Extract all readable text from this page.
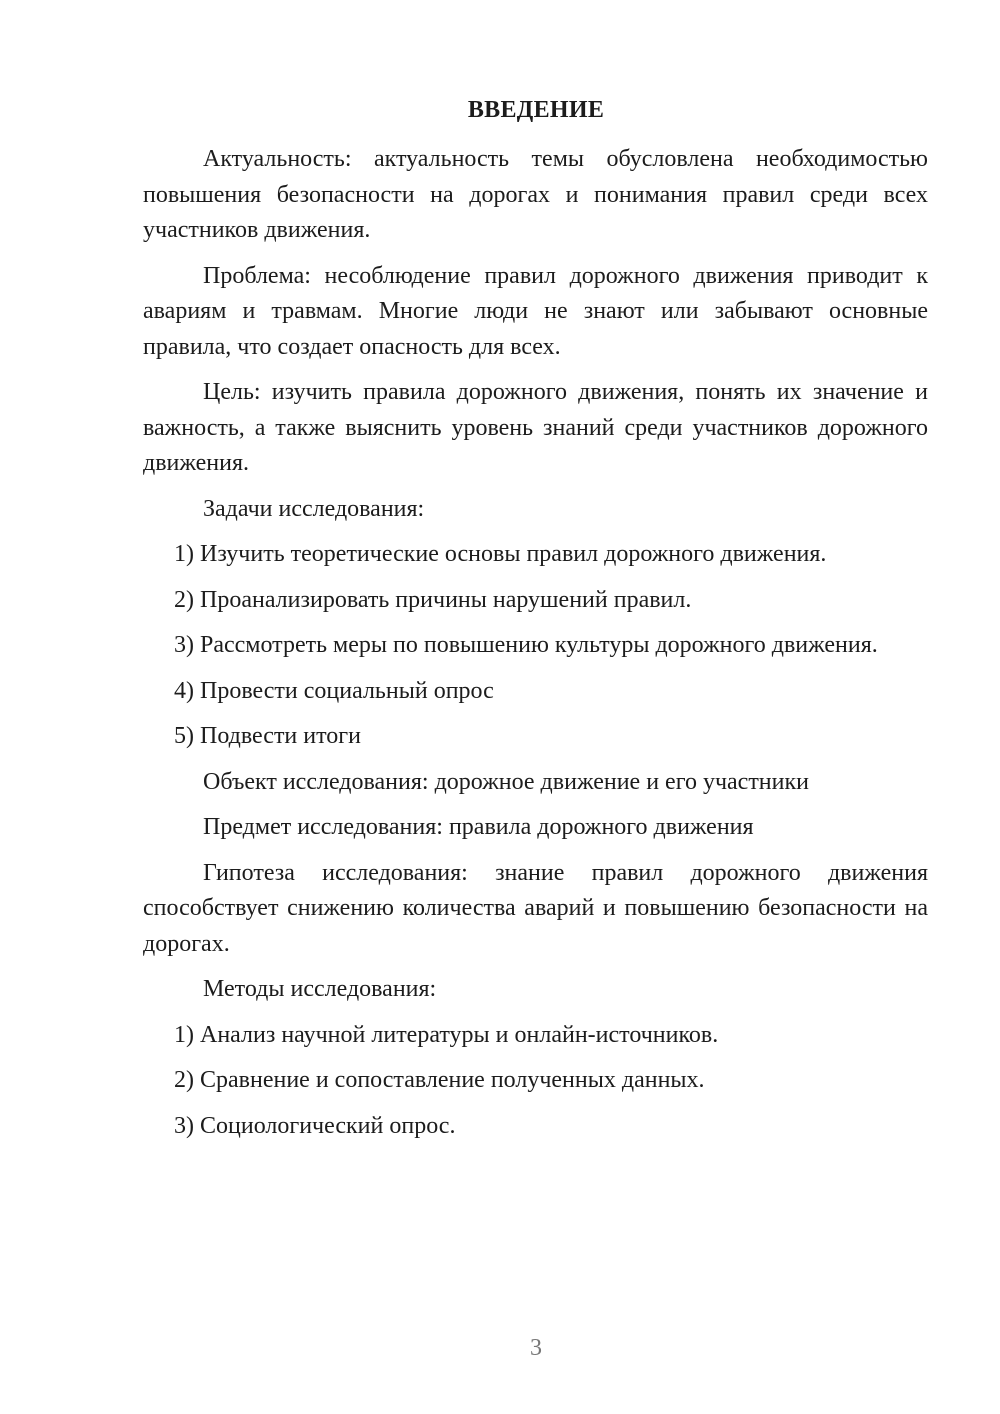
ВВЕДЕНИЕ

Актуальность: актуальность темы обусловлена необходимостью повышения безопасности на дорогах и понимания правил среди всех участников движения.

Проблема: несоблюдение правил дорожного движения приводит к авариям и травмам. Многие люди не знают или забывают основные правила, что создает опасность для всех.

Цель: изучить правила дорожного движения, понять их значение и важность, а также выяснить уровень знаний среди участников дорожного движения.

Задачи исследования:

1) Изучить теоретические основы правил дорожного движения.
2) Проанализировать причины нарушений правил.
3) Рассмотреть меры по повышению культуры дорожного движения.
4) Провести социальный опрос
5) Подвести итоги

Объект исследования: дорожное движение и его участники

Предмет исследования: правила дорожного движения

Гипотеза исследования: знание правил дорожного движения способствует снижению количества аварий и повышению безопасности на дорогах.

Методы исследования:

1) Анализ научной литературы и онлайн-источников.
2) Сравнение и сопоставление полученных данных.
3) Социологический опрос.
3
